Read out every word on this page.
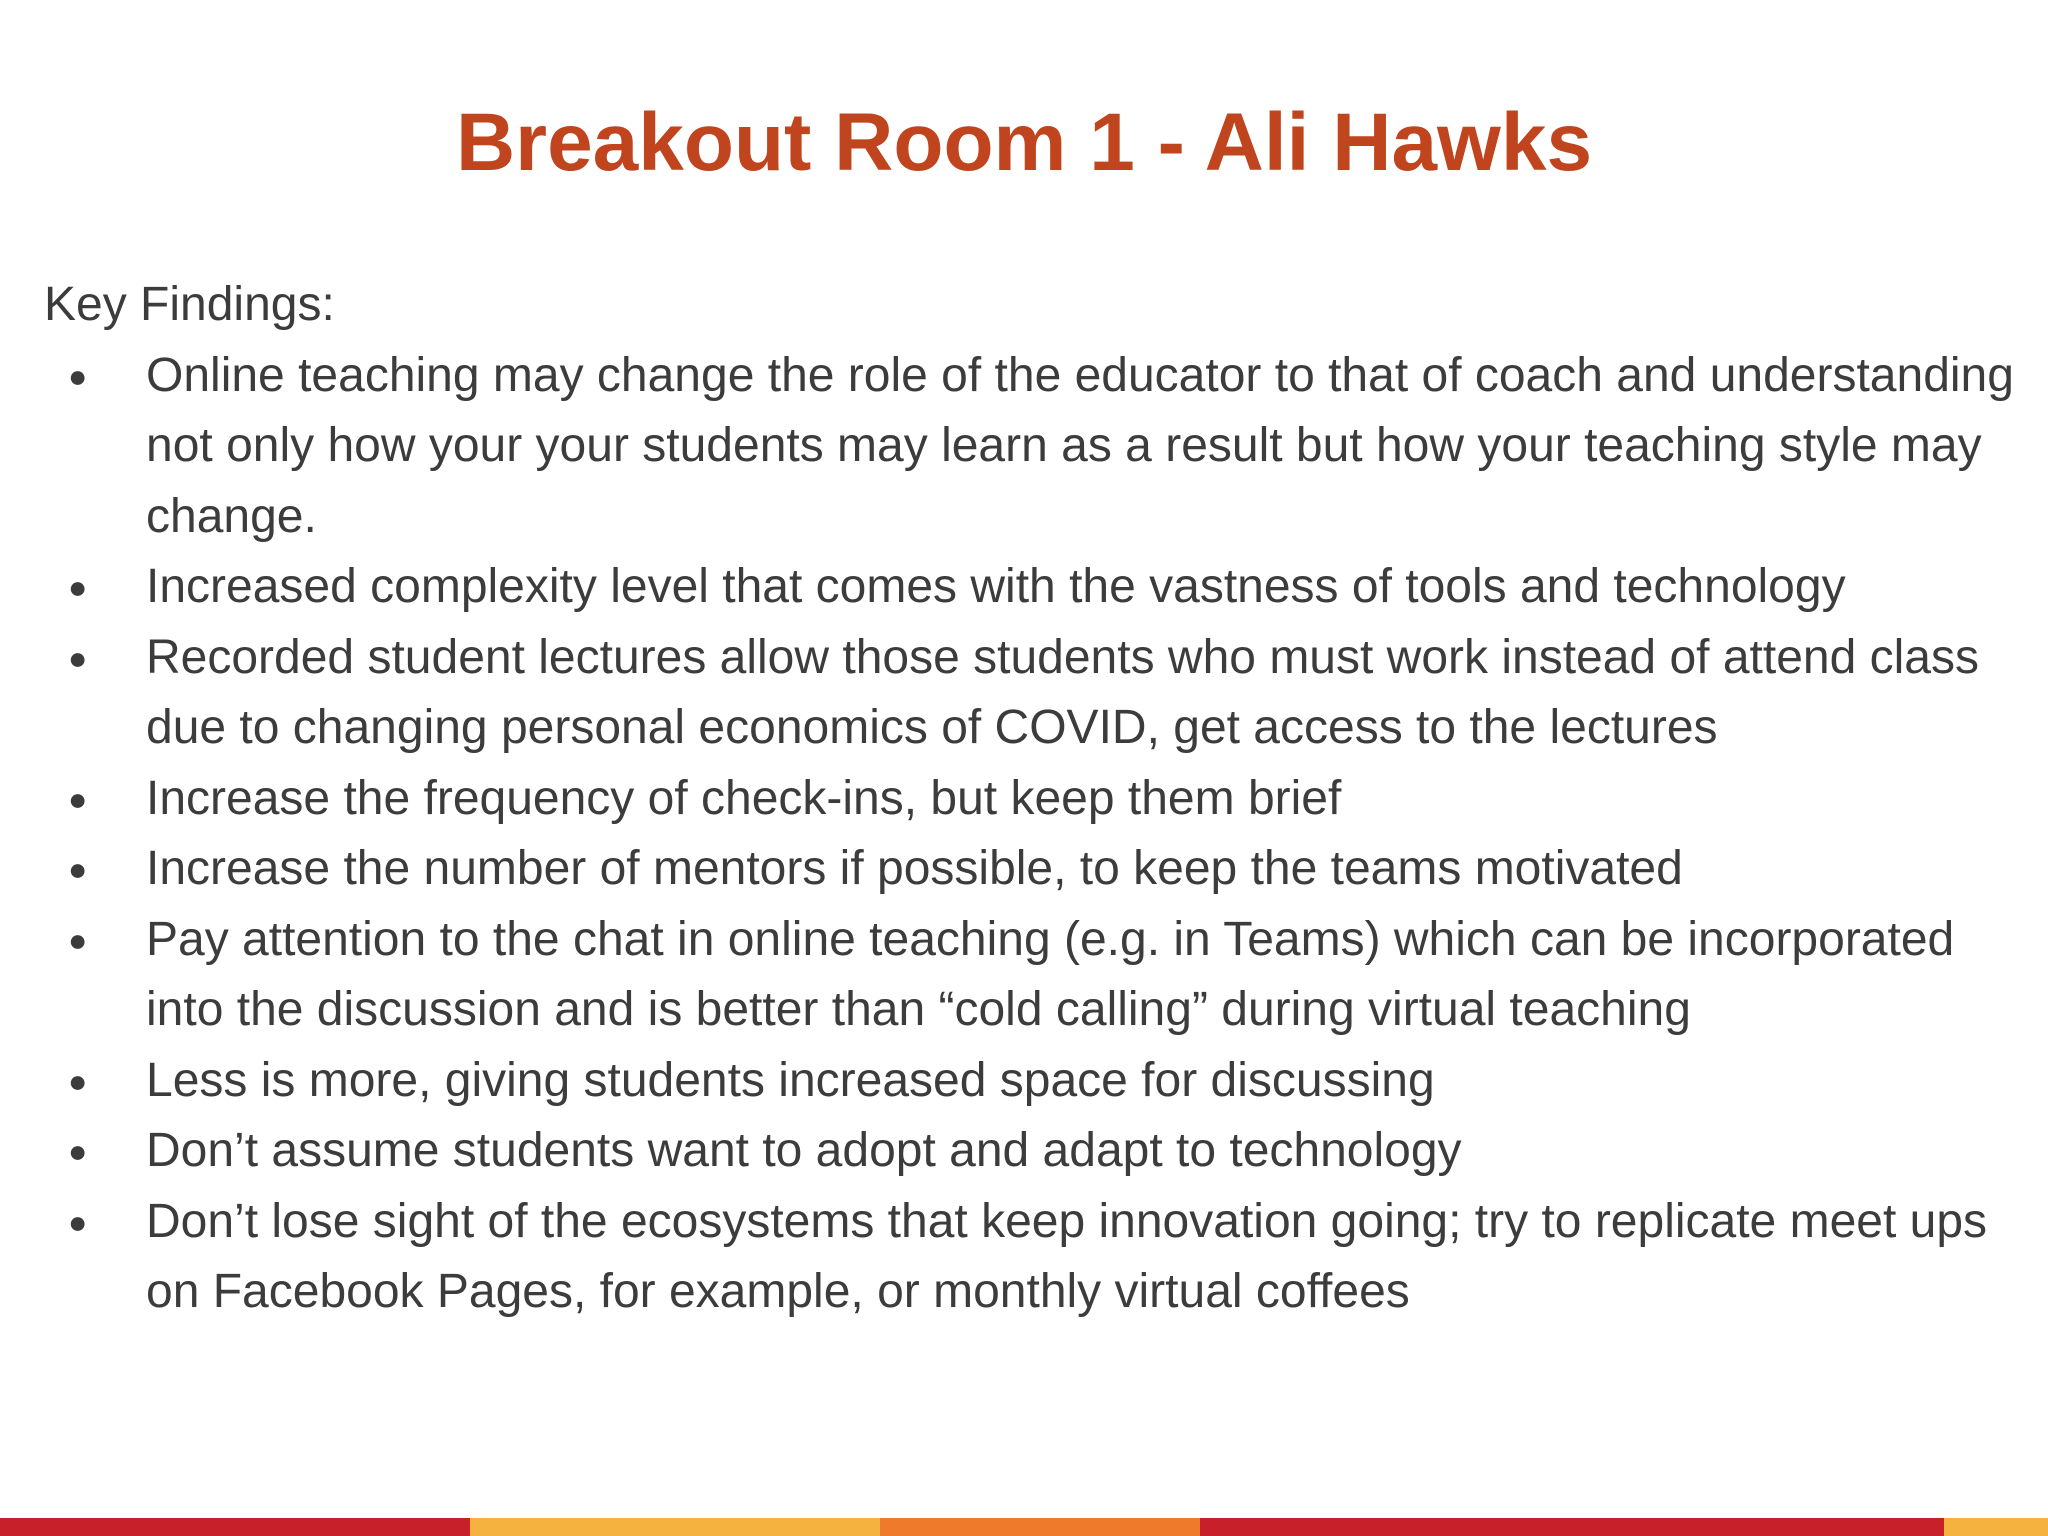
Breakout Room 1 - Ali Hawks

Key Findings:

● Online teaching may change the role of the educator to that of coach and understanding not only how your your students may learn as a result but how your teaching style may change.
● Increased complexity level that comes with the vastness of tools and technology
● Recorded student lectures allow those students who must work instead of attend class due to changing personal economics of COVID, get access to the lectures
● Increase the frequency of check-ins, but keep them brief
● Increase the number of mentors if possible, to keep the teams motivated
● Pay attention to the chat in online teaching (e.g. in Teams) which can be incorporated into the discussion and is better than “cold calling” during virtual teaching
● Less is more, giving students increased space for discussing
● Don’t assume students want to adopt and adapt to technology
● Don’t lose sight of the ecosystems that keep innovation going; try to replicate meet ups on Facebook Pages, for example, or monthly virtual coffees
